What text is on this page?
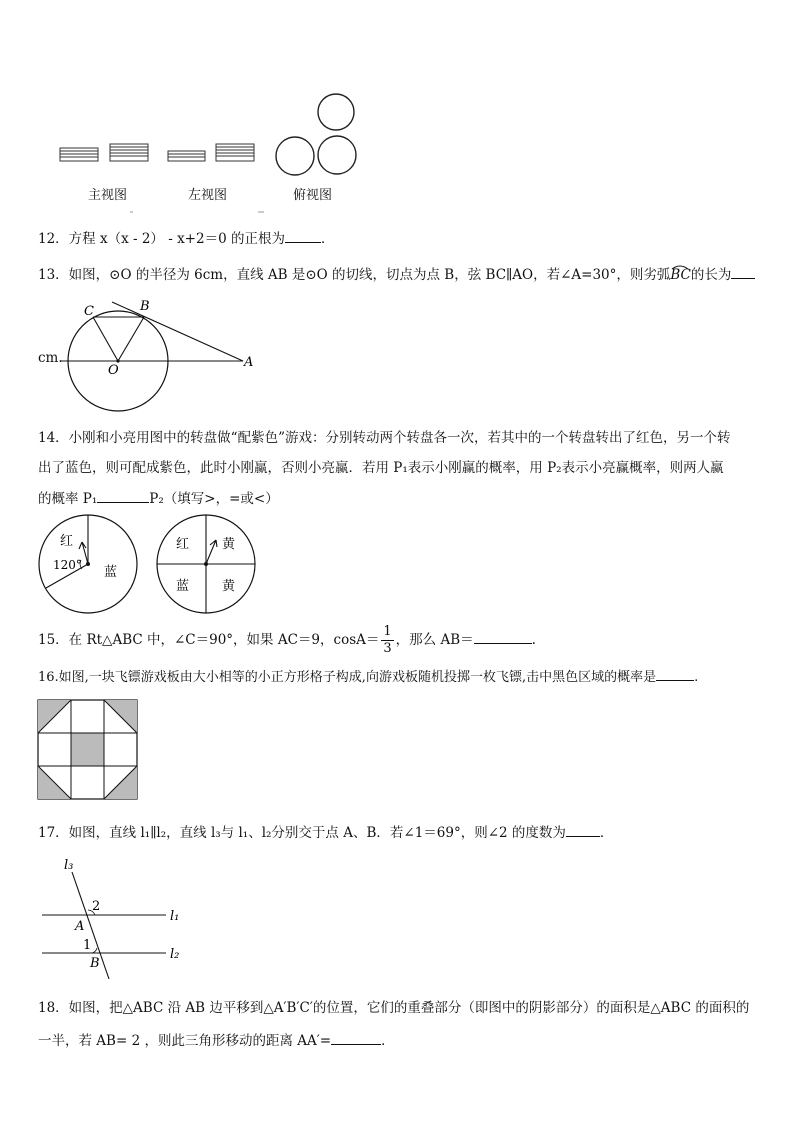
主视图	左视图	俯视图
12．方程 x（x - 2） - x+2＝0 的正根为	．
13．如图，⊙O 的半径为 6cm，直线 AB 是⊙O 的切线，切点为点 B，弦 BC∥AO，若∠A=30°，则劣弧BC
的长为
cm.
C	B
O
A
14．小刚和小亮用图中的转盘做“配紫色”游戏：分别转动两个转盘各一次，若其中的一个转盘转出了红色，另一个转
出了蓝色，则可配成紫色，此时小刚赢，否则小亮赢．若用 P₁表示小刚赢的概率，用 P₂表示小亮赢概率，则两人赢
的概率 P₁	P₂（填写>，=或<）
红
蓝
120°
红	黄
蓝	黄
15．在 Rt△ABC 中，∠C＝90°，如果 AC＝9，$\cos A= \frac{1}{3}$ ，那么 AB＝	.
16.如图,一块飞镖游戏板由大小相等的小正方形格子构成,向游戏板随机投掷一枚飞镖,击中黑色区域的概率是	.
17．如图，直线 l₁∥l₂，直线 l₃与 l₁、l₂分别交于点 A、B．若∠1＝69°，则∠2 的度数为	．
l₃
l₁
l₂
A
B
1
2
18．如图，把△ABC 沿 AB 边平移到△A′B′C′的位置，它们的重叠部分（即图中的阴影部分）的面积是△ABC 的面积的
一半，若 AB= 2 ，则此三角形移动的距离 AA′=	．
